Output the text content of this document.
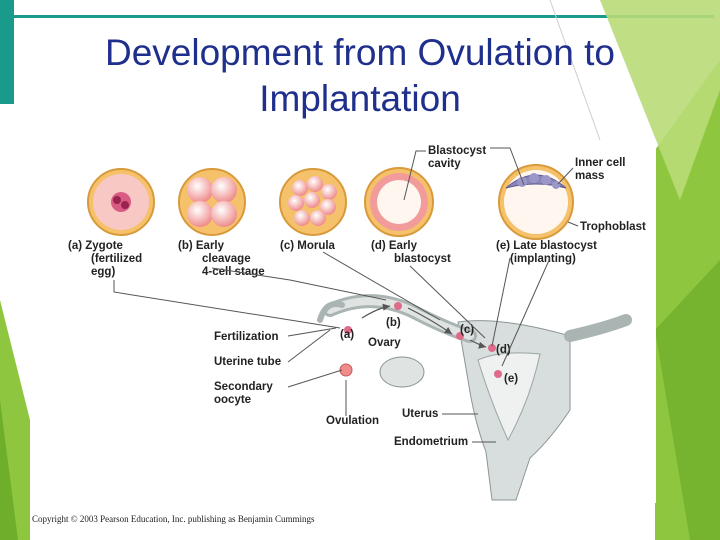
Development from Ovulation to
Implantation
(a) Zygote (fertilized egg)
(b) Early cleavage 4-cell stage
(c) Morula	(d) Early blastocyst
(e) Late blastocyst (implanting)
Blastocyst cavity	Inner cell mass
Trophoblast
Fertilization
Uterine tube
Secondary oocyte
Ovulation
Ovary
Uterus
Endometrium
(a)
(b)
(c)
(d)
(e)
Copyright © 2003 Pearson Education, Inc. publishing as Benjamin Cummings
